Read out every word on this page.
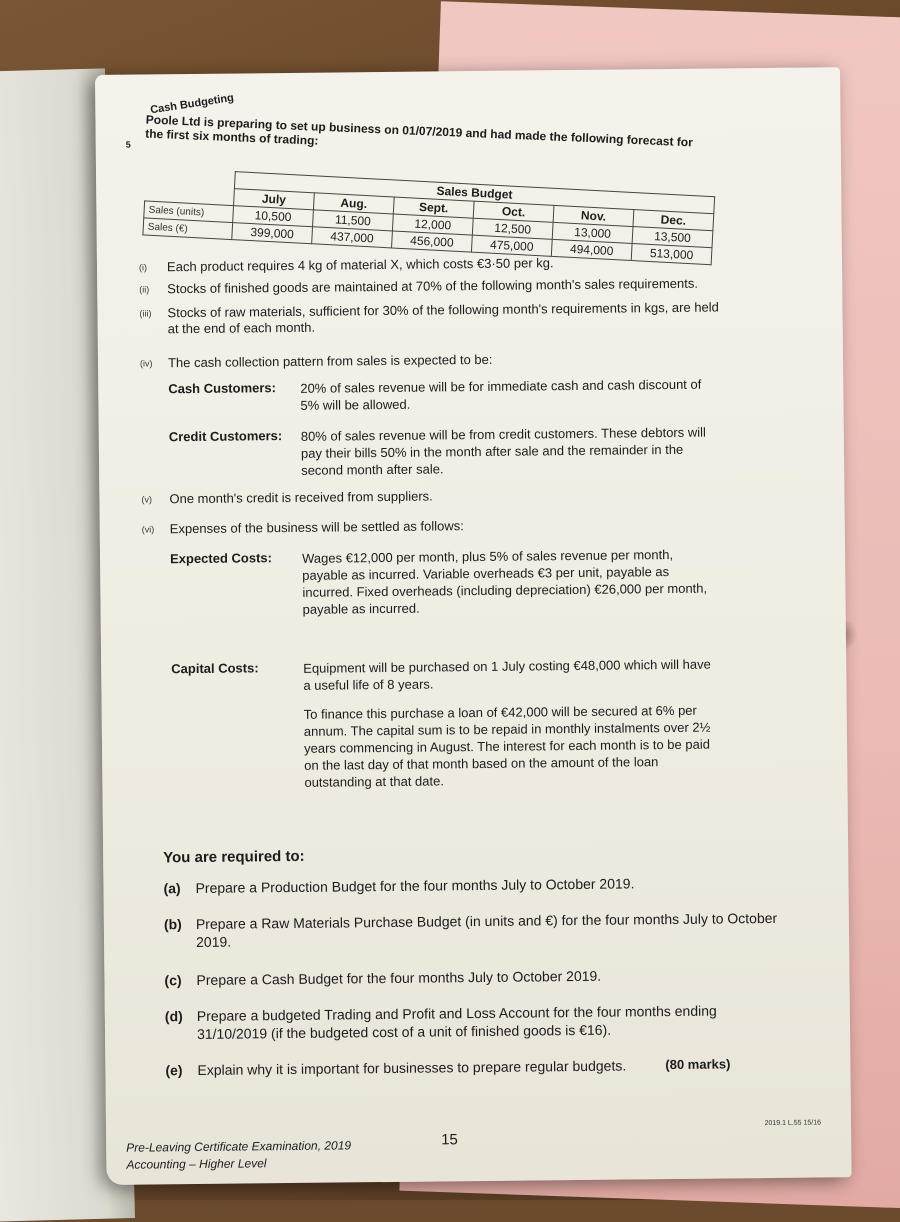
Cash Budgeting
5 Poole Ltd is preparing to set up business on 01/07/2019 and had made the following forecast for the first six months of trading:
	Sales Budget					
	July	Aug.	Sept.	Oct.	Nov.	Dec.
Sales (units)	10,500	11,500	12,000	12,500	13,000	13,500
Sales (€)	399,000	437,000	456,000	475,000	494,000	513,000
(i) Each product requires 4 kg of material X, which costs €3·50 per kg.
(ii) Stocks of finished goods are maintained at 70% of the following month's sales requirements.
(iii) Stocks of raw materials, sufficient for 30% of the following month's requirements in kgs, are held at the end of each month.
(iv) The cash collection pattern from sales is expected to be:
Cash Customers: 20% of sales revenue will be for immediate cash and cash discount of 5% will be allowed.
Credit Customers: 80% of sales revenue will be from credit customers. These debtors will pay their bills 50% in the month after sale and the remainder in the second month after sale.
(v) One month's credit is received from suppliers.
(vi) Expenses of the business will be settled as follows:
Expected Costs: Wages €12,000 per month, plus 5% of sales revenue per month, payable as incurred. Variable overheads €3 per unit, payable as incurred. Fixed overheads (including depreciation) €26,000 per month, payable as incurred.
Capital Costs:	Equipment will be purchased on 1 July costing €48,000 which will have a useful life of 8 years.
To finance this purchase a loan of €42,000 will be secured at 6% per annum. The capital sum is to be repaid in monthly instalments over 2½ years commencing in August. The interest for each month is to be paid on the last day of that month based on the amount of the loan outstanding at that date.
You are required to:
(a) Prepare a Production Budget for the four months July to October 2019.
(b) Prepare a Raw Materials Purchase Budget (in units and €) for the four months July to October 2019.
(c) Prepare a Cash Budget for the four months July to October 2019.
(d) Prepare a budgeted Trading and Profit and Loss Account for the four months ending 31/10/2019 (if the budgeted cost of a unit of finished goods is €16).
(e) Explain why it is important for businesses to prepare regular budgets.	(80 marks)
15
2019.1 L.55 15/16
Pre-Leaving Certificate Examination, 2019
Accounting – Higher Level
